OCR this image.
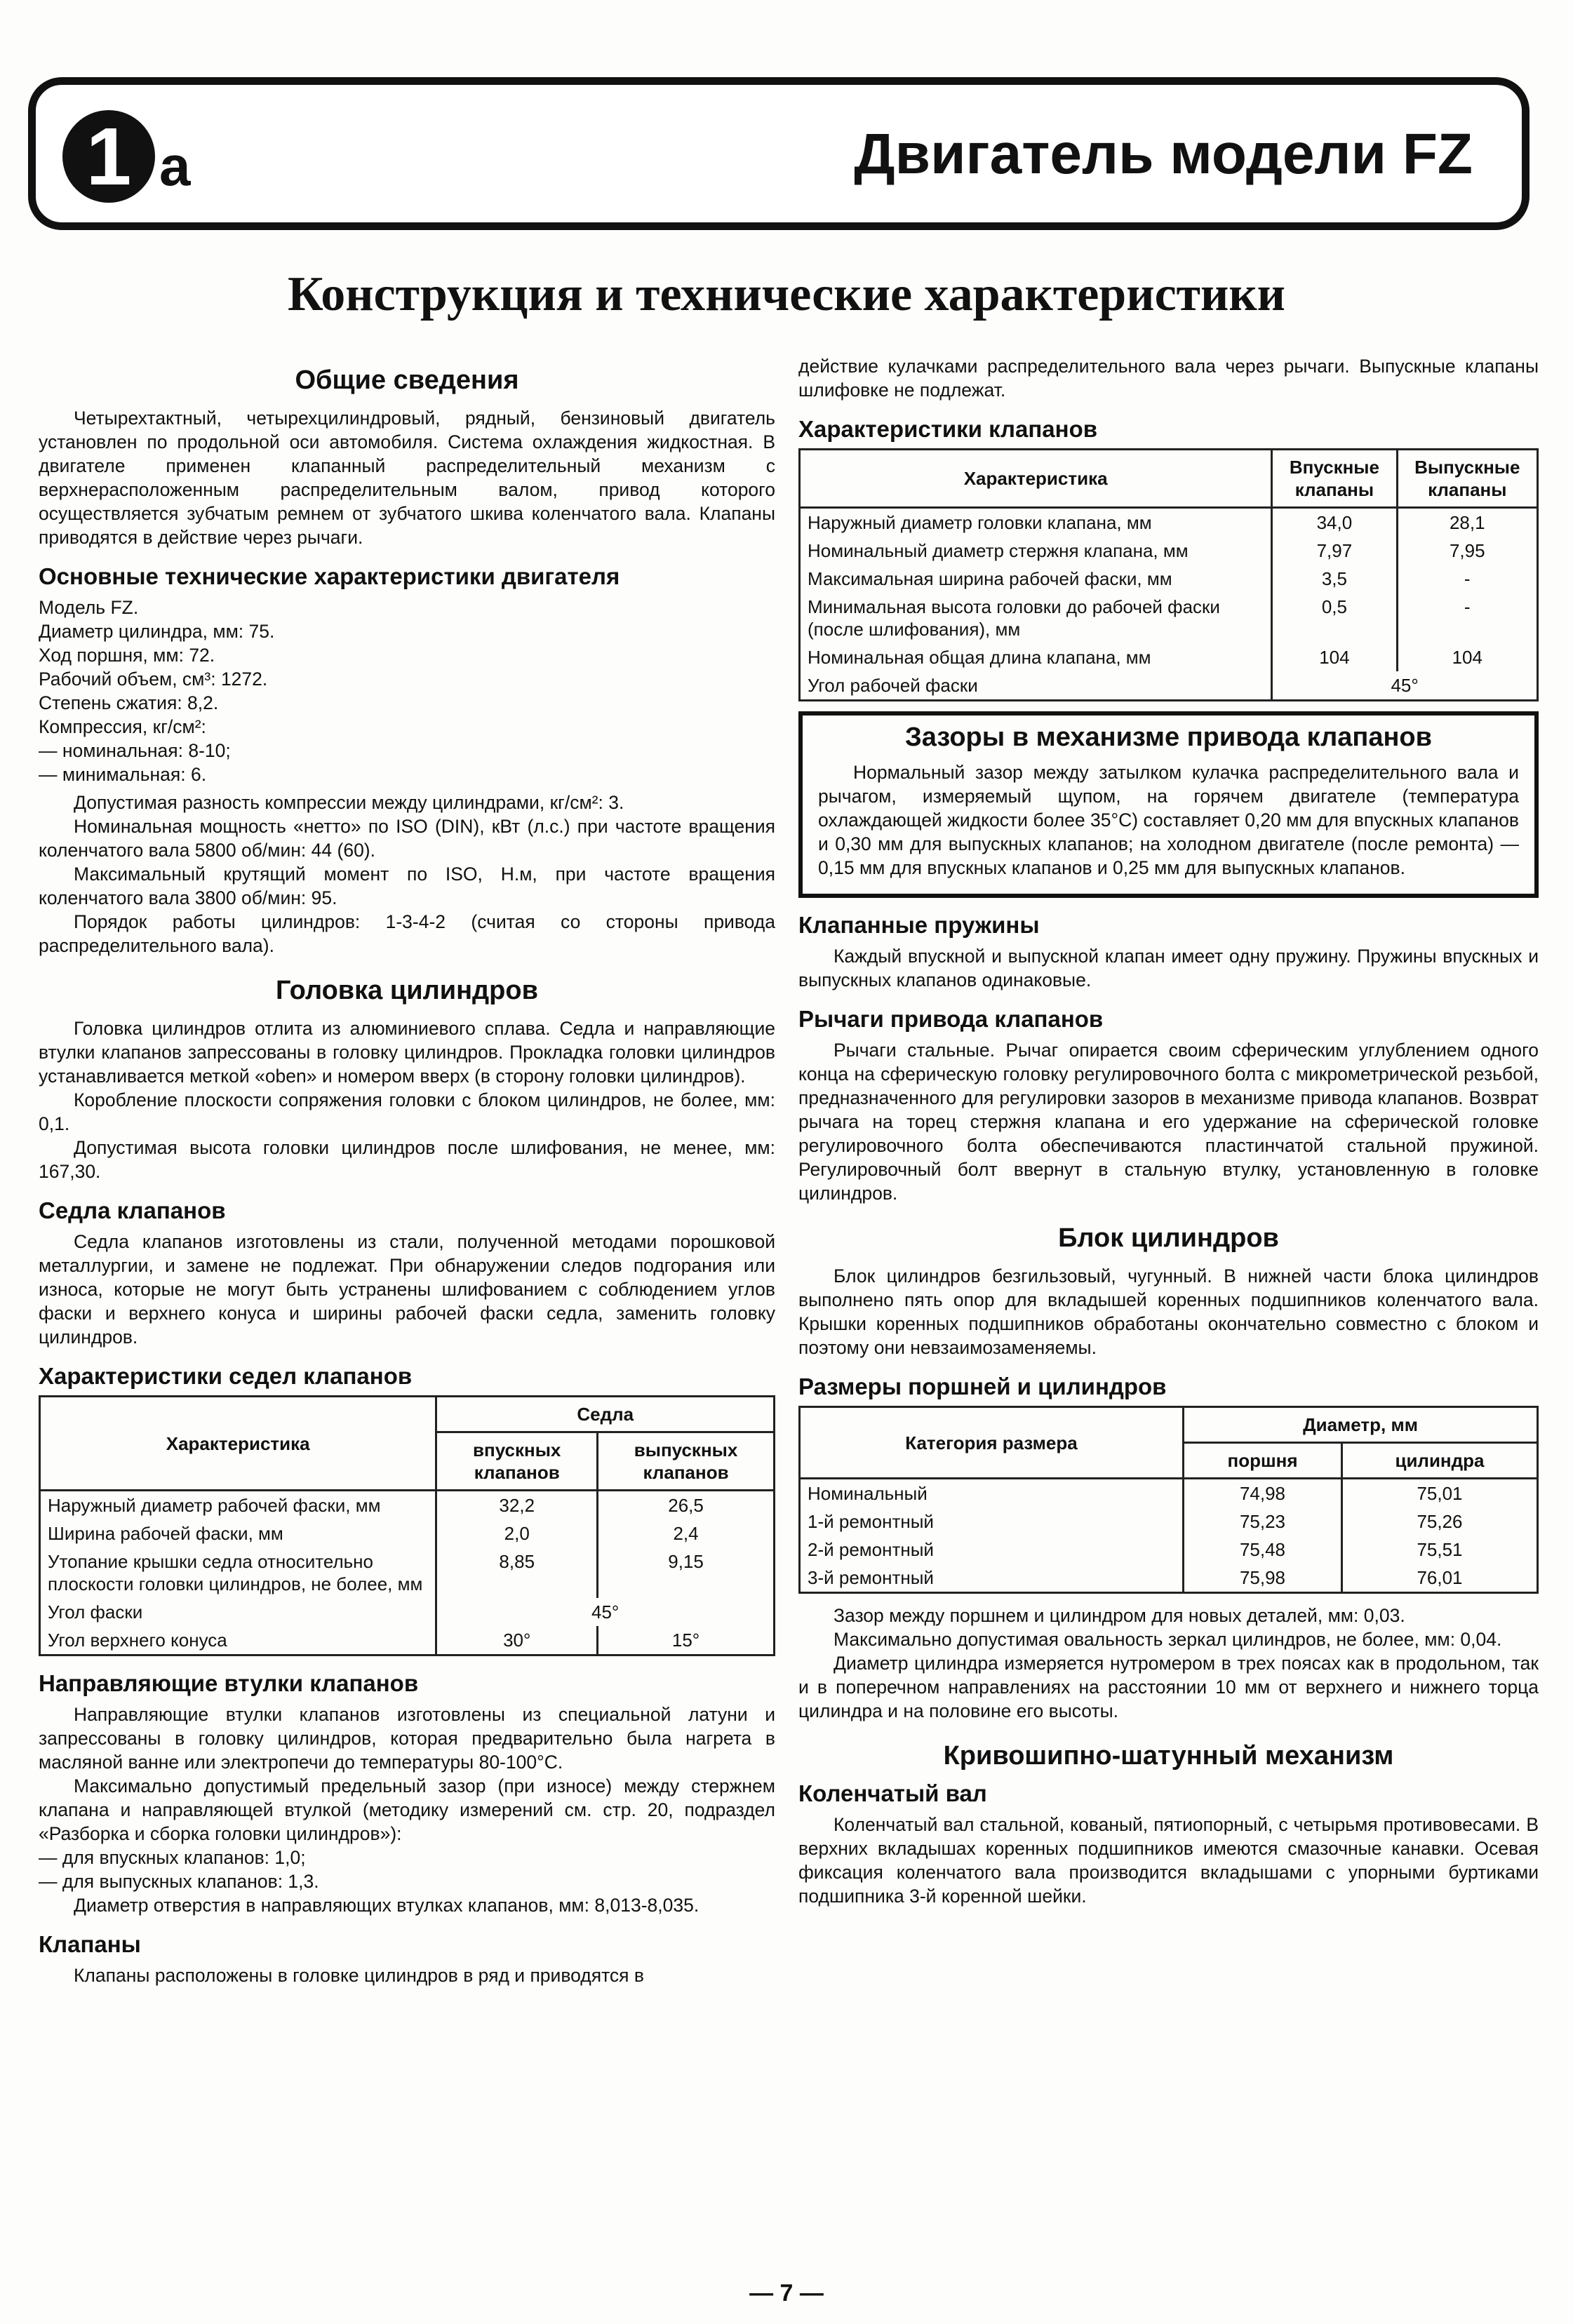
1 а	Двигатель модели FZ
Конструкция и технические характеристики
Общие сведения

Четырехтактный, четырехцилиндровый, рядный, бензиновый двигатель установлен по продольной оси автомобиля. Система охлаждения жидкостная. В двигателе применен клапанный распределительный механизм с верхнерасположенным распределительным валом, привод которого осуществляется зубчатым ремнем от зубчатого шкива коленчатого вала. Клапаны приводятся в действие через рычаги.

Основные технические характеристики двигателя

Модель FZ.

Диаметр цилиндра, мм: 75.

Ход поршня, мм: 72.

Рабочий объем, см³: 1272.

Степень сжатия: 8,2.

Компрессия, кг/см²:

— номинальная: 8-10;

— минимальная: 6.

Допустимая разность компрессии между цилиндрами, кг/см²: 3.

Номинальная мощность «нетто» по ISO (DIN), кВт (л.с.) при частоте вращения коленчатого вала 5800 об/мин: 44 (60).

Максимальный крутящий момент по ISO, Н.м, при частоте вращения коленчатого вала 3800 об/мин: 95.

Порядок работы цилиндров: 1-3-4-2 (считая со стороны привода распределительного вала).

Головка цилиндров

Головка цилиндров отлита из алюминиевого сплава. Седла и направляющие втулки клапанов запрессованы в головку цилиндров. Прокладка головки цилиндров устанавливается меткой «oben» и номером вверх (в сторону головки цилиндров).

Коробление плоскости сопряжения головки с блоком цилиндров, не более, мм: 0,1.

Допустимая высота головки цилиндров после шлифования, не менее, мм: 167,30.

Седла клапанов

Седла клапанов изготовлены из стали, полученной методами порошковой металлургии, и замене не подлежат. При обнаружении следов подгорания или износа, которые не могут быть устранены шлифованием с соблюдением углов фаски и верхнего конуса и ширины рабочей фаски седла, заменить головку цилиндров.

Характеристики седел клапанов
Характеристика	Седла	
	впускных клапанов	выпускных клапанов
Наружный диаметр рабочей фаски, мм	32,2	26,5
Ширина рабочей фаски, мм	2,0	2,4
Утопание крышки седла относительно плоскости головки цилиндров, не более, мм	8,85	9,15
Угол фаски	45°	
Угол верхнего конуса	30°	15°
Направляющие втулки клапанов

Направляющие втулки клапанов изготовлены из специальной латуни и запрессованы в головку цилиндров, которая предварительно была нагрета в масляной ванне или электропечи до температуры 80-100°С.

Максимально допустимый предельный зазор (при износе) между стержнем клапана и направляющей втулкой (методику измерений см. стр. 20, подраздел «Разборка и сборка головки цилиндров»):

— для впускных клапанов: 1,0;

— для выпускных клапанов: 1,3.

Диаметр отверстия в направляющих втулках клапанов, мм: 8,013-8,035.

Клапаны

Клапаны расположены в головке цилиндров в ряд и приводятся в

действие кулачками распределительного вала через рычаги. Выпускные клапаны шлифовке не подлежат.

Характеристики клапанов
Характеристика	Впускные клапаны	Выпускные клапаны
Наружный диаметр головки клапана, мм	34,0	28,1
Номинальный диаметр стержня клапана, мм	7,97	7,95
Максимальная ширина рабочей фаски, мм	3,5	-
Минимальная высота головки до рабочей фаски (после шлифования), мм	0,5	-
Номинальная общая длина клапана, мм	104	104
Угол рабочей фаски	45°	
Зазоры в механизме привода клапанов

Нормальный зазор между затылком кулачка распределительного вала и рычагом, измеряемый щупом, на горячем двигателе (температура охлаждающей жидкости более 35°С) составляет 0,20 мм для впускных клапанов и 0,30 мм для выпускных клапанов; на холодном двигателе (после ремонта) — 0,15 мм для впускных клапанов и 0,25 мм для выпускных клапанов.

Клапанные пружины

Каждый впускной и выпускной клапан имеет одну пружину. Пружины впускных и выпускных клапанов одинаковые.

Рычаги привода клапанов

Рычаги стальные. Рычаг опирается своим сферическим углублением одного конца на сферическую головку регулировочного болта с микрометрической резьбой, предназначенного для регулировки зазоров в механизме привода клапанов. Возврат рычага на торец стержня клапана и его удержание на сферической головке регулировочного болта обеспечиваются пластинчатой стальной пружиной. Регулировочный болт ввернут в стальную втулку, установленную в головке цилиндров.

Блок цилиндров

Блок цилиндров безгильзовый, чугунный. В нижней части блока цилиндров выполнено пять опор для вкладышей коренных подшипников коленчатого вала. Крышки коренных подшипников обработаны окончательно совместно с блоком и поэтому они невзаимозаменяемы.

Размеры поршней и цилиндров
Категория размера	Диаметр, мм	
	поршня	цилиндра
Номинальный	74,98	75,01
1-й ремонтный	75,23	75,26
2-й ремонтный	75,48	75,51
3-й ремонтный	75,98	76,01

Зазор между поршнем и цилиндром для новых деталей, мм: 0,03.

Максимально допустимая овальность зеркал цилиндров, не более, мм: 0,04.

Диаметр цилиндра измеряется нутромером в трех поясах как в продольном, так и в поперечном направлениях на расстоянии 10 мм от верхнего и нижнего торца цилиндра и на половине его высоты.

Кривошипно-шатунный механизм
Коленчатый вал

Коленчатый вал стальной, кованый, пятиопорный, с четырьмя противовесами. В верхних вкладышах коренных подшипников имеются смазочные канавки. Осевая фиксация коленчатого вала производится вкладышами с упорными буртиками подшипника 3-й коренной шейки.

— 7 —
